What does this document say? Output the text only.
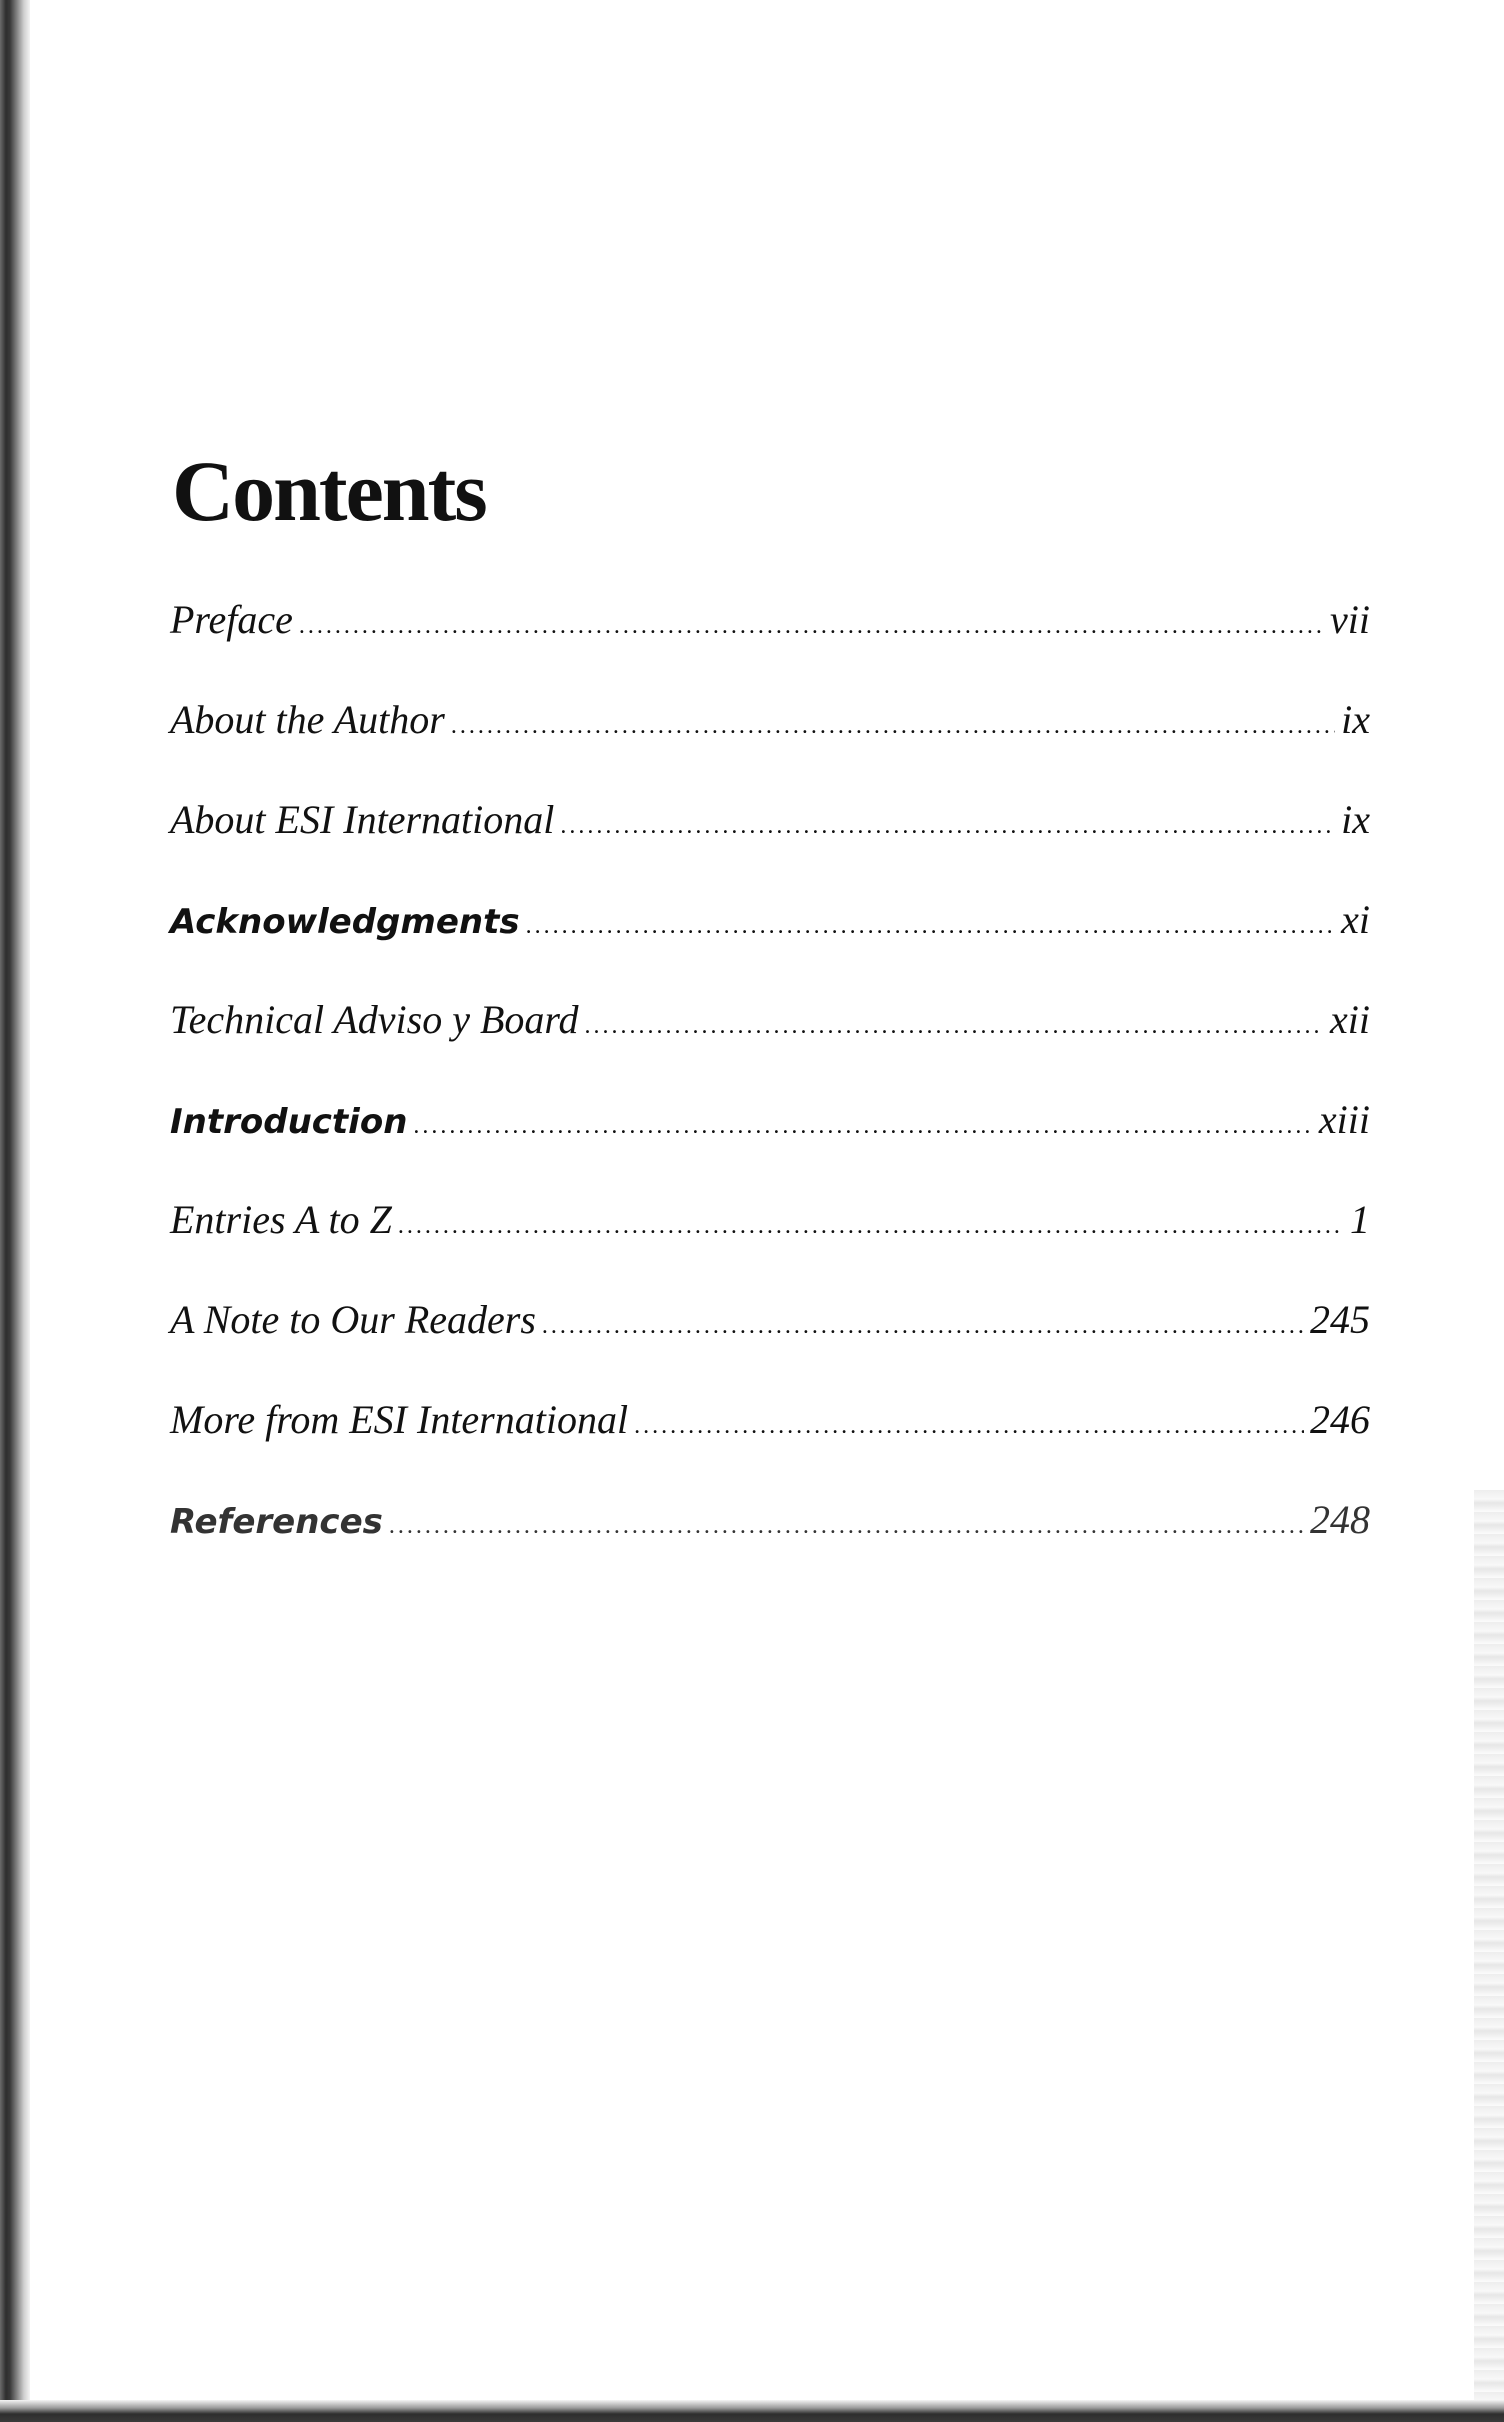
Contents
Preface .....	vii
About the Author .....	ix
About ESI International .....	ix
Acknowledgments .....	xi
Technical Adviso y Board .....	xii
Introduction .....	xiii
Entries A to Z .....	1
A Note to Our Readers .....	245
More from ESI International .....	246
References .....	248
